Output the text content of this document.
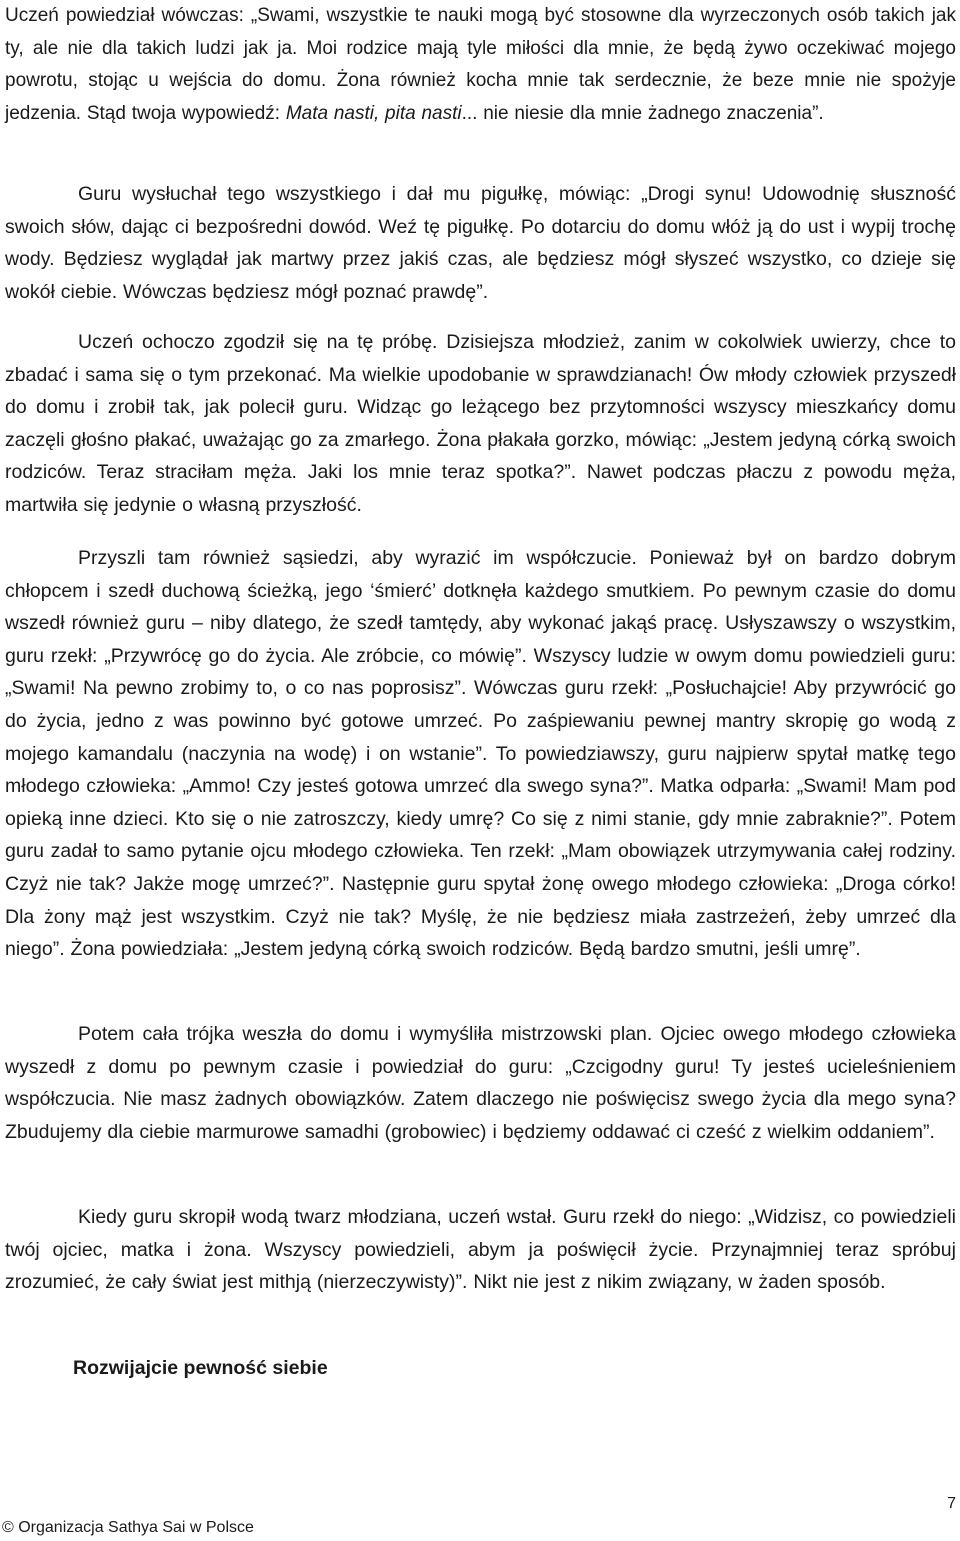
Uczeń powiedział wówczas: „Swami, wszystkie te nauki mogą być stosowne dla wyrzeczonych osób takich jak ty, ale nie dla takich ludzi jak ja. Moi rodzice mają tyle miłości dla mnie, że będą żywo oczekiwać mojego powrotu, stojąc u wejścia do domu. Żona również kocha mnie tak serdecznie, że beze mnie nie spożyje jedzenia. Stąd twoja wypowiedź: Mata nasti, pita nasti... nie niesie dla mnie żadnego znaczenia”.

Guru wysłuchał tego wszystkiego i dał mu pigułkę, mówiąc: „Drogi synu! Udowodnię słuszność swoich słów, dając ci bezpośredni dowód. Weź tę pigułkę. Po dotarciu do domu włóż ją do ust i wypij trochę wody. Będziesz wyglądał jak martwy przez jakiś czas, ale będziesz mógł słyszeć wszystko, co dzieje się wokół ciebie. Wówczas będziesz mógł poznać prawdę”.

Uczeń ochoczo zgodził się na tę próbę. Dzisiejsza młodzież, zanim w cokolwiek uwierzy, chce to zbadać i sama się o tym przekonać. Ma wielkie upodobanie w sprawdzianach! Ów młody człowiek przyszedł do domu i zrobił tak, jak polecił guru. Widząc go leżącego bez przytomności wszyscy mieszkańcy domu zaczęli głośno płakać, uważając go za zmarłego. Żona płakała gorzko, mówiąc: „Jestem jedyną córką swoich rodziców. Teraz straciłam męża. Jaki los mnie teraz spotka?”. Nawet podczas płaczu z powodu męża, martwiła się jedynie o własną przyszłość.

Przyszli tam również sąsiedzi, aby wyrazić im współczucie. Ponieważ był on bardzo dobrym chłopcem i szedł duchową ścieżką, jego ‘śmierć’ dotknęła każdego smutkiem. Po pewnym czasie do domu wszedł również guru – niby dlatego, że szedł tamtędy, aby wykonać jakąś pracę. Usłyszawszy o wszystkim, guru rzekł: „Przywrócę go do życia. Ale zróbcie, co mówię”. Wszyscy ludzie w owym domu powiedzieli guru: „Swami! Na pewno zrobimy to, o co nas poprosisz”. Wówczas guru rzekł: „Posłuchajcie! Aby przywrócić go do życia, jedno z was powinno być gotowe umrzeć. Po zaśpiewaniu pewnej mantry skropię go wodą z mojego kamandalu (naczynia na wodę) i on wstanie”. To powiedziawszy, guru najpierw spytał matkę tego młodego człowieka: „Ammo! Czy jesteś gotowa umrzeć dla swego syna?”. Matka odparła: „Swami! Mam pod opieką inne dzieci. Kto się o nie zatroszczy, kiedy umrę? Co się z nimi stanie, gdy mnie zabraknie?”. Potem guru zadał to samo pytanie ojcu młodego człowieka. Ten rzekł: „Mam obowiązek utrzymywania całej rodziny. Czyż nie tak? Jakże mogę umrzeć?”. Następnie guru spytał żonę owego młodego człowieka: „Droga córko! Dla żony mąż jest wszystkim. Czyż nie tak? Myślę, że nie będziesz miała zastrzeżeń, żeby umrzeć dla niego”. Żona powiedziała: „Jestem jedyną córką swoich rodziców. Będą bardzo smutni, jeśli umrę”.

Potem cała trójka weszła do domu i wymyśliła mistrzowski plan. Ojciec owego młodego człowieka wyszedł z domu po pewnym czasie i powiedział do guru: „Czcigodny guru! Ty jesteś ucieleśnieniem współczucia. Nie masz żadnych obowiązków. Zatem dlaczego nie poświęcisz swego życia dla mego syna? Zbudujemy dla ciebie marmurowe samadhi (grobowiec) i będziemy oddawać ci cześć z wielkim oddaniem”.

Kiedy guru skropił wodą twarz młodziana, uczeń wstał. Guru rzekł do niego: „Widzisz, co powiedzieli twój ojciec, matka i żona. Wszyscy powiedzieli, abym ja poświęcił życie. Przynajmniej teraz spróbuj zrozumieć, że cały świat jest mithją (nierzeczywisty)”. Nikt nie jest z nikim związany, w żaden sposób.

Rozwijajcie pewność siebie
© Organizacja Sathya Sai w Polsce
7
